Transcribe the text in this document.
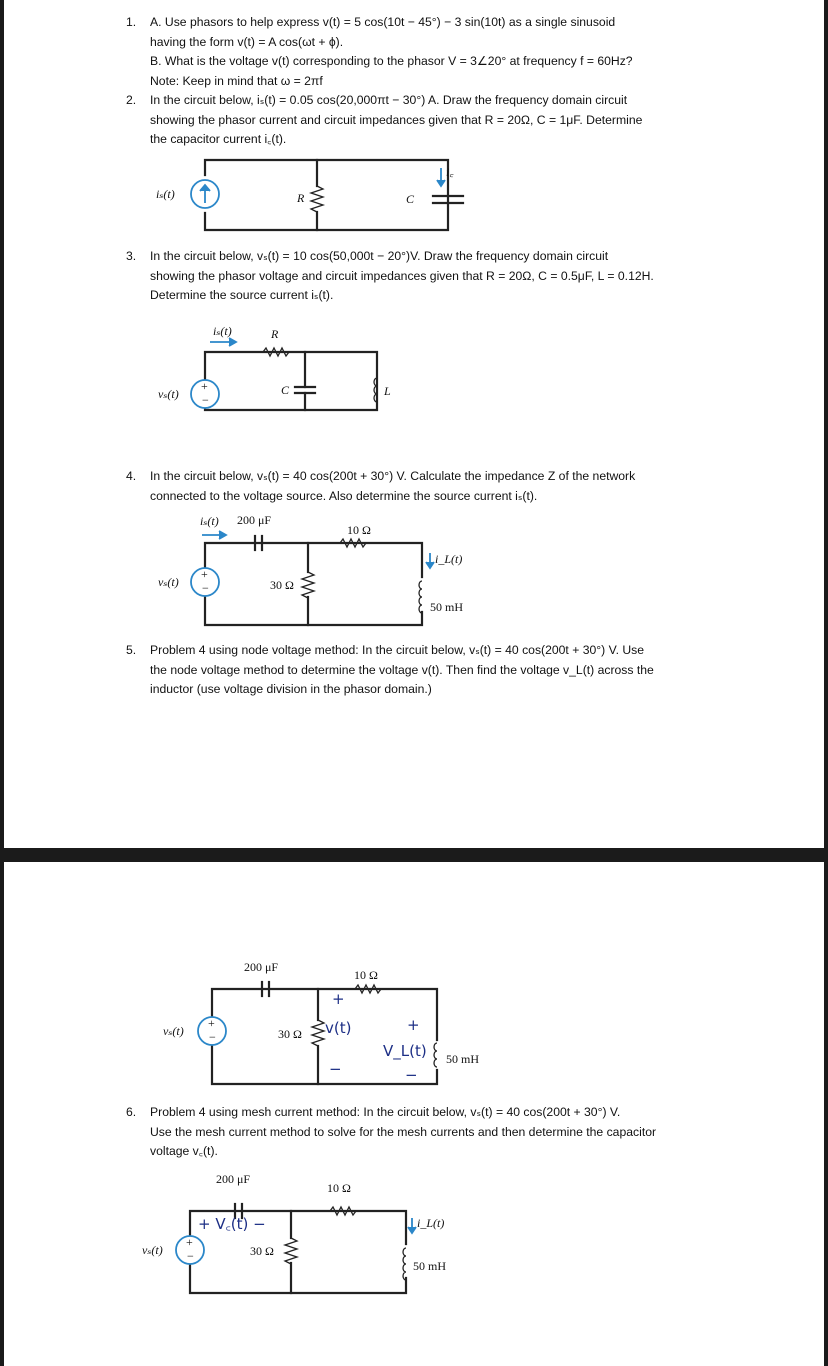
1.	A. Use phasors to help express v(t) = 5 cos(10t − 45°) − 3 sin(10t) as a single sinusoid
having the form v(t) = A cos(ωt + ϕ).
B. What is the voltage v(t) corresponding to the phasor V = 3∠20° at frequency f = 60Hz?
Note: Keep in mind that ω = 2πf
2.	In the circuit below, iₛ(t) = 0.05 cos(20,000πt − 30°) A. Draw the frequency domain circuit
showing the phasor current and circuit impedances given that R = 20Ω, C = 1μF. Determine
the capacitor current i꜀(t).
3.	In the circuit below, vₛ(t) = 10 cos(50,000t − 20°)V. Draw the frequency domain circuit
showing the phasor voltage and circuit impedances given that R = 20Ω, C = 0.5μF, L = 0.12H.
Determine the source current iₛ(t).
4.	In the circuit below, vₛ(t) = 40 cos(200t + 30°) V. Calculate the impedance Z of the network
connected to the voltage source. Also determine the source current iₛ(t).
5.	Problem 4 using node voltage method: In the circuit below, vₛ(t) = 40 cos(200t + 30°) V. Use
the node voltage method to determine the voltage v(t). Then find the voltage v_L(t) across the
inductor (use voltage division in the phasor domain.)
6.	Problem 4 using mesh current method: In the circuit below, vₛ(t) = 40 cos(200t + 30°) V.
Use the mesh current method to solve for the mesh currents and then determine the capacitor
voltage v꜀(t).
iₛ(t)	R	C
i꜀
+
−
vₛ(t)
iₛ(t)	R
C	L
+
−
vₛ(t)
iₛ(t) 200 μF
10 Ω
30 Ω
50 mH
i_L(t)
+
−
vₛ(t)
200 μF
10 Ω
30 Ω
50 mH
+
v(t)
−
+
V_L(t)
−
+
−
vₛ(t)
200 μF
+ V꜀(t) −
10 Ω
30 Ω
50 mH
i_L(t)
